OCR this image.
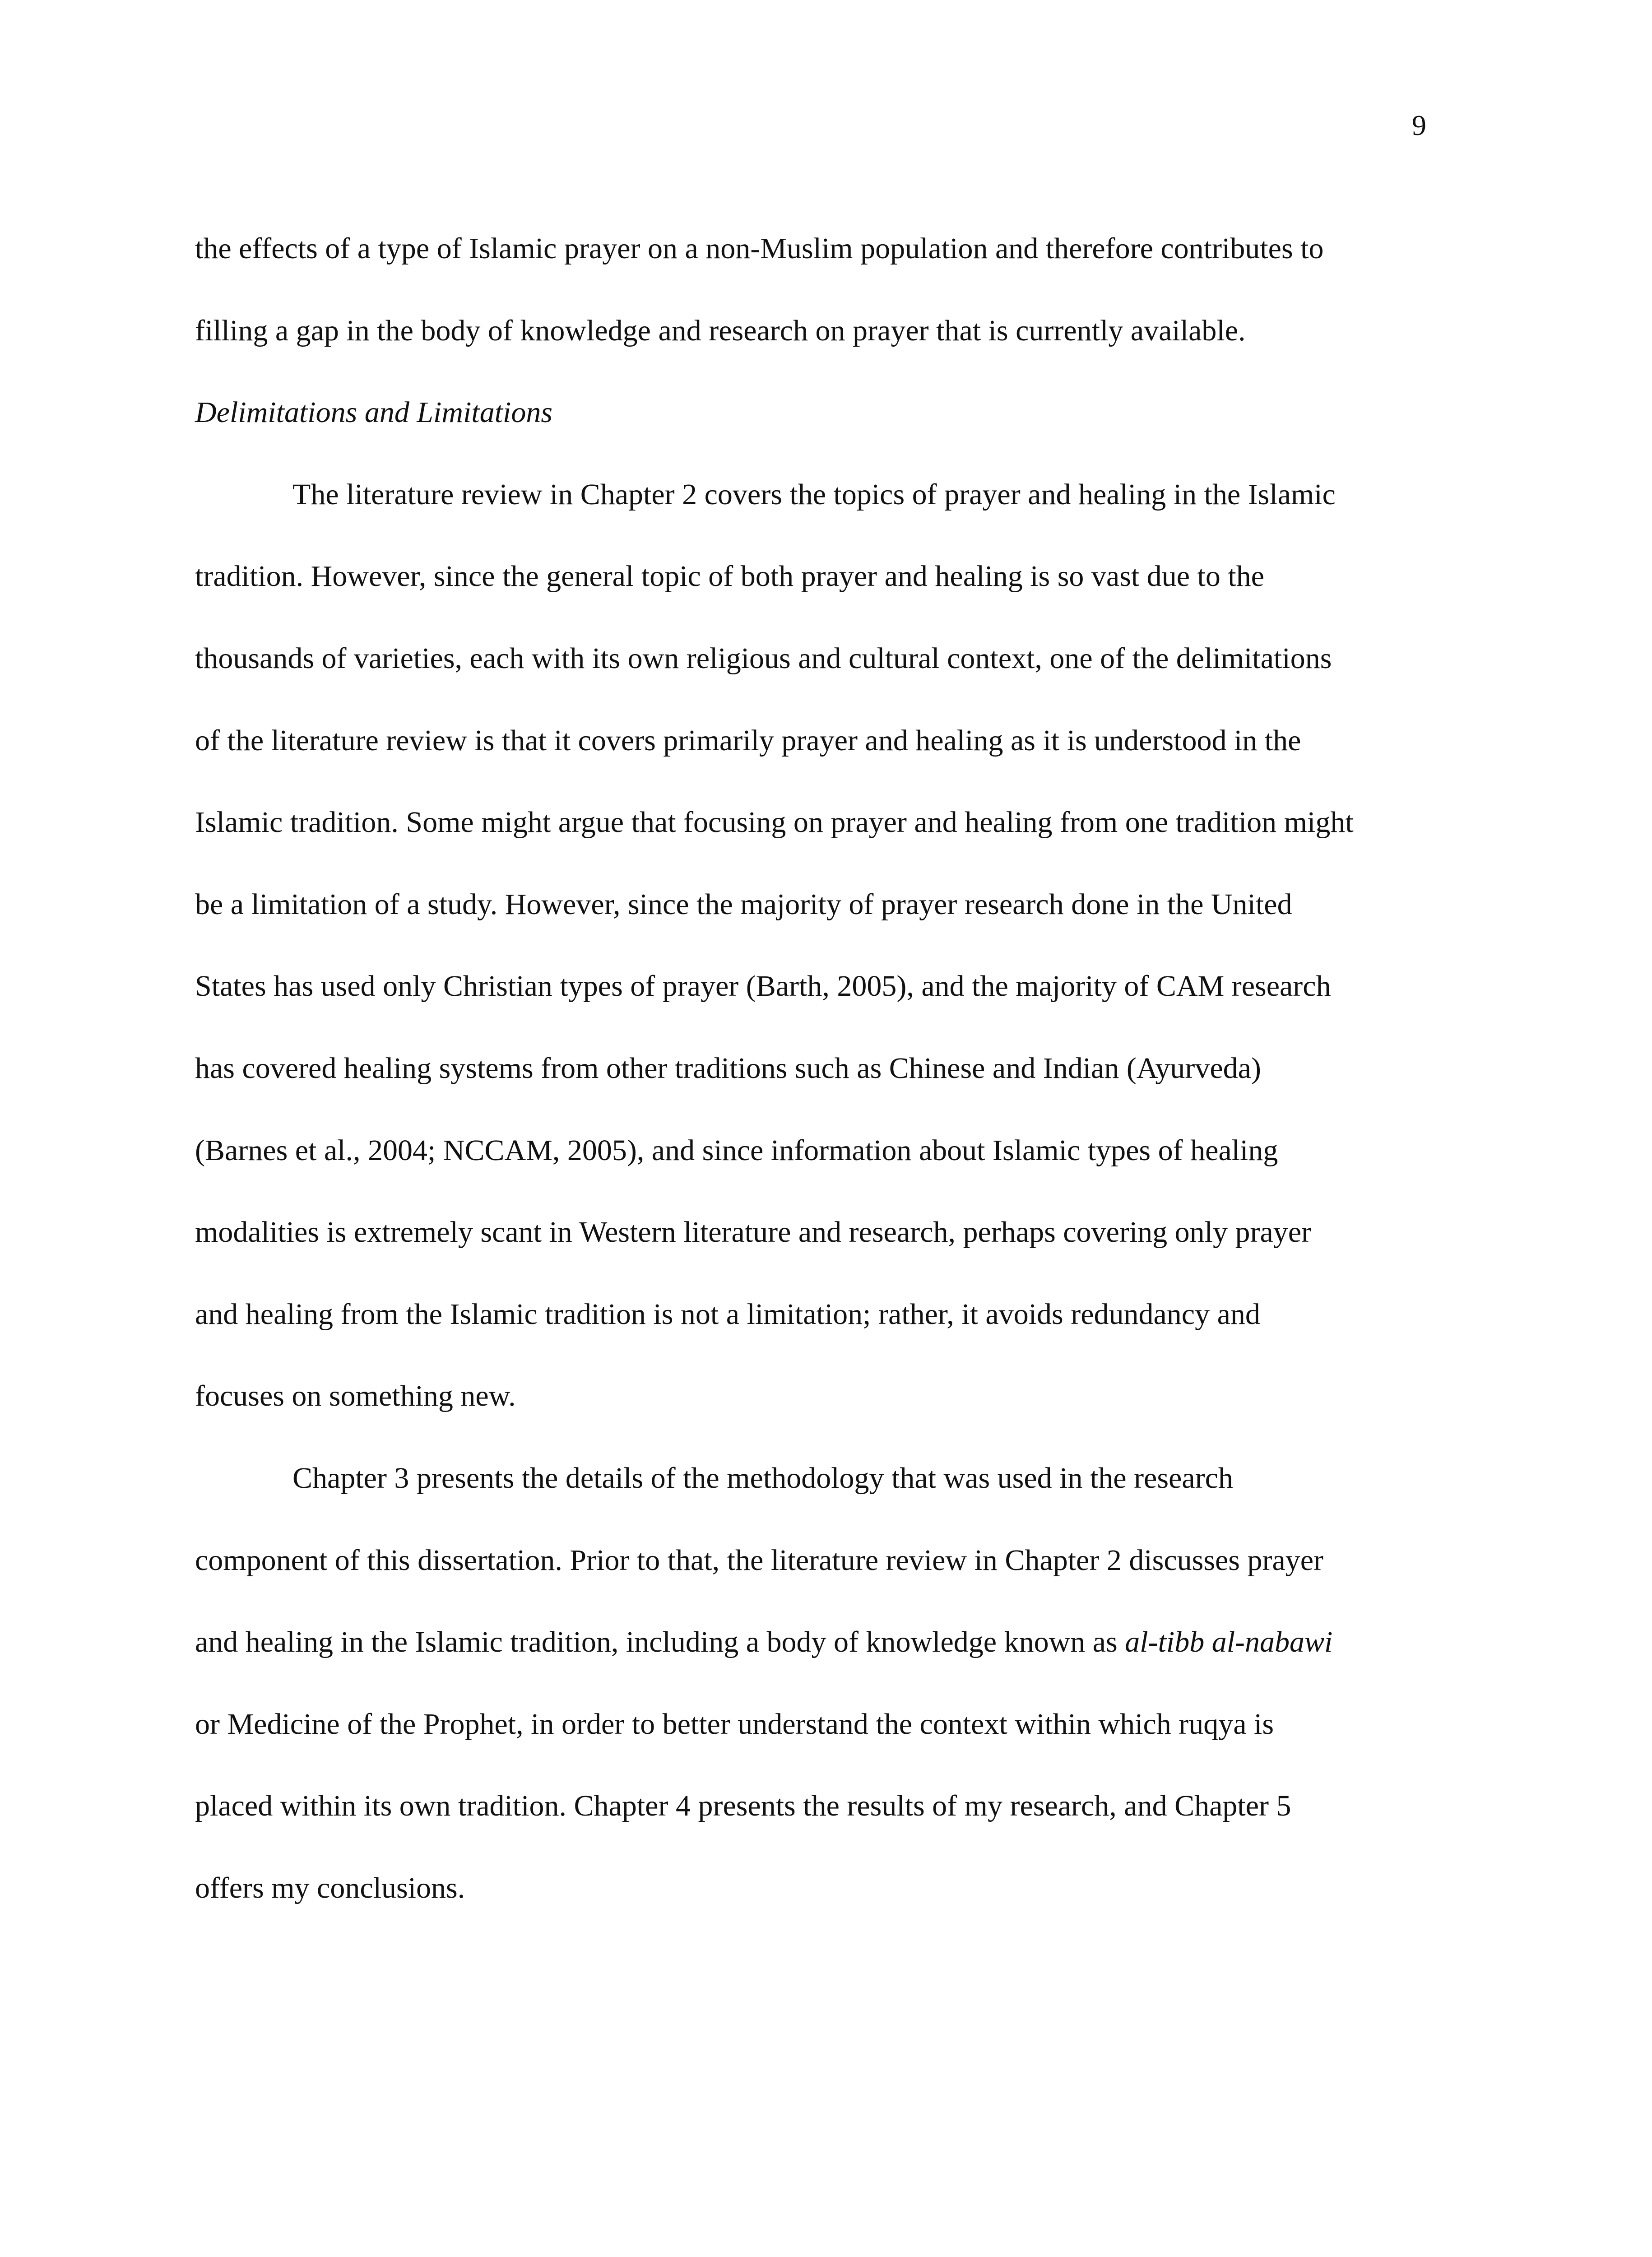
9

the effects of a type of Islamic prayer on a non-Muslim population and therefore contributes to
filling a gap in the body of knowledge and research on prayer that is currently available.

Delimitations and Limitations

The literature review in Chapter 2 covers the topics of prayer and healing in the Islamic
tradition. However, since the general topic of both prayer and healing is so vast due to the
thousands of varieties, each with its own religious and cultural context, one of the delimitations
of the literature review is that it covers primarily prayer and healing as it is understood in the
Islamic tradition. Some might argue that focusing on prayer and healing from one tradition might
be a limitation of a study. However, since the majority of prayer research done in the United
States has used only Christian types of prayer (Barth, 2005), and the majority of CAM research
has covered healing systems from other traditions such as Chinese and Indian (Ayurveda)
(Barnes et al., 2004; NCCAM, 2005), and since information about Islamic types of healing
modalities is extremely scant in Western literature and research, perhaps covering only prayer
and healing from the Islamic tradition is not a limitation; rather, it avoids redundancy and
focuses on something new.

Chapter 3 presents the details of the methodology that was used in the research
component of this dissertation. Prior to that, the literature review in Chapter 2 discusses prayer
and healing in the Islamic tradition, including a body of knowledge known as al-tibb al-nabawi
or Medicine of the Prophet, in order to better understand the context within which ruqya is
placed within its own tradition. Chapter 4 presents the results of my research, and Chapter 5
offers my conclusions.
